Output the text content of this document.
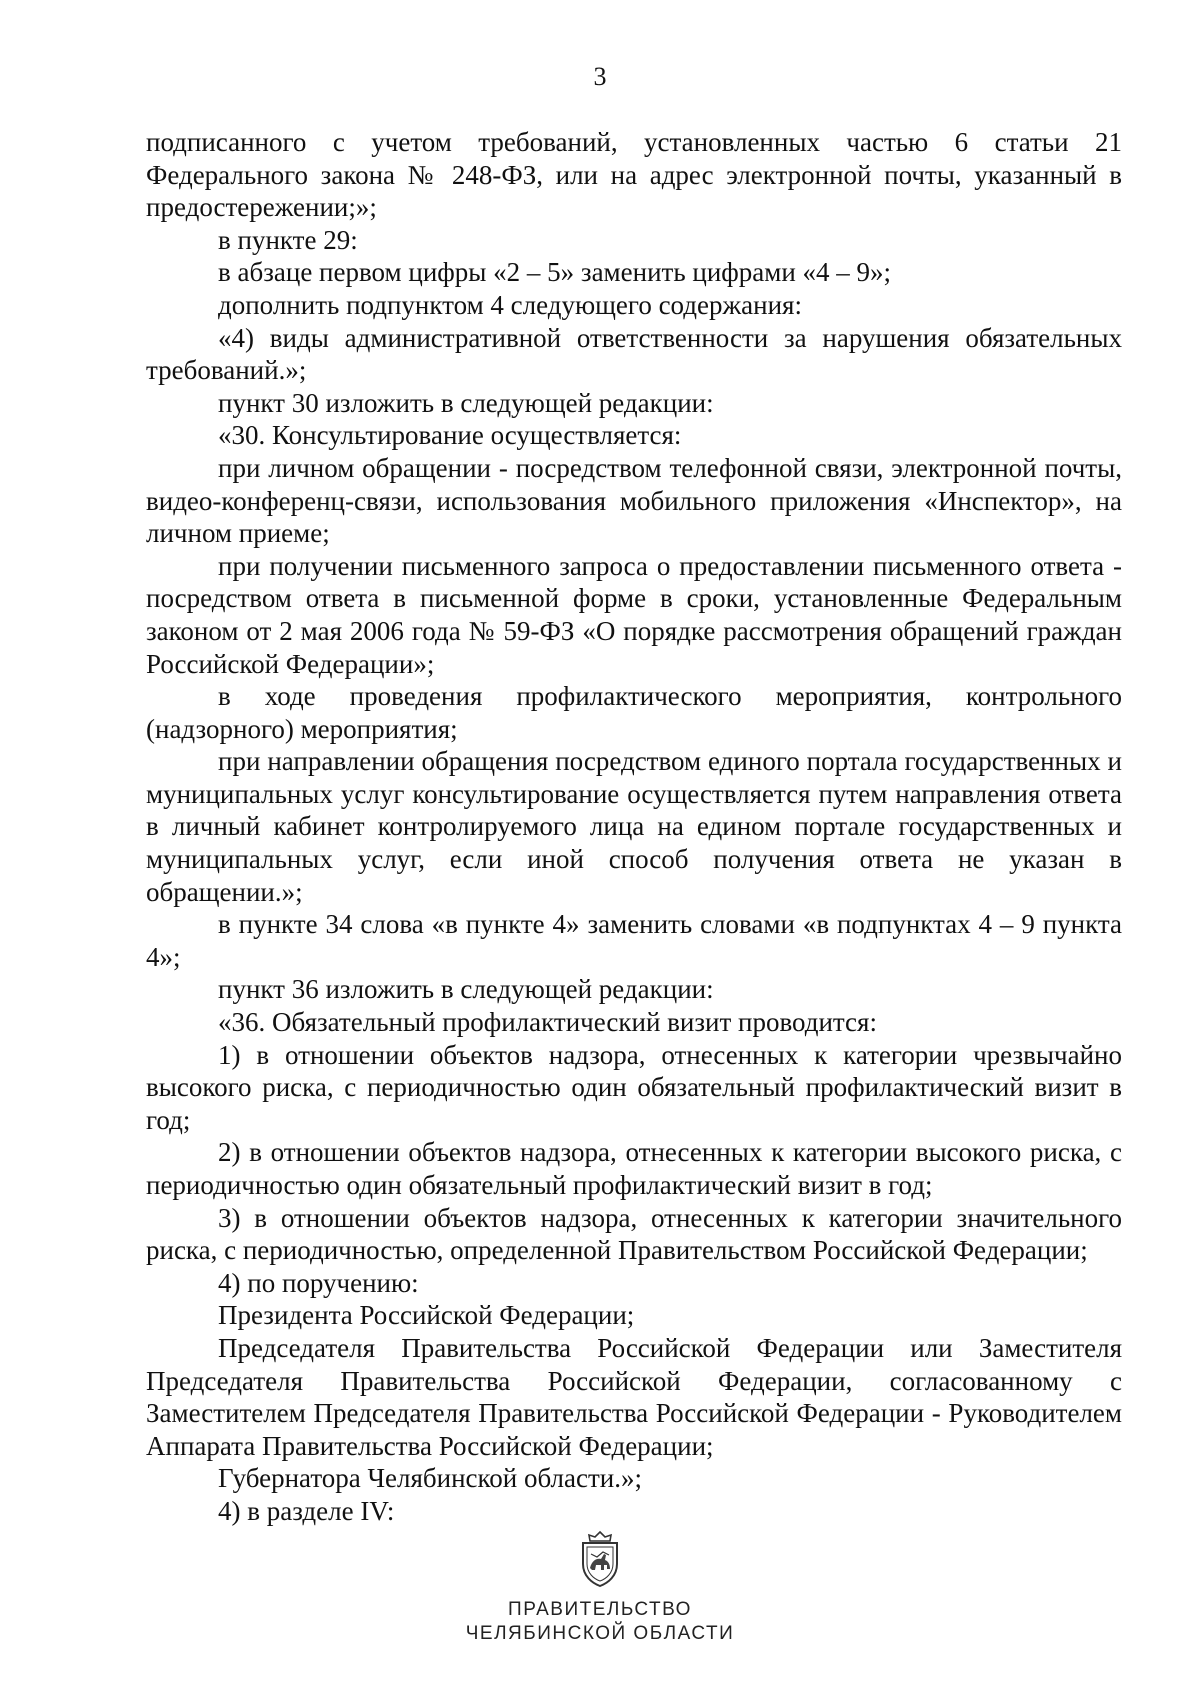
3

подписанного с учетом требований, установленных частью 6 статьи 21 Федерального закона № 248-ФЗ, или на адрес электронной почты, указанный в предостережении;»;

в пункте 29:

в абзаце первом цифры «2 – 5» заменить цифрами «4 – 9»;

дополнить подпунктом 4 следующего содержания:

«4) виды административной ответственности за нарушения обязательных требований.»;

пункт 30 изложить в следующей редакции:

«30. Консультирование осуществляется:

при личном обращении - посредством телефонной связи, электронной почты, видео-конференц-связи, использования мобильного приложения «Инспектор», на личном приеме;

при получении письменного запроса о предоставлении письменного ответа - посредством ответа в письменной форме в сроки, установленные Федеральным законом от 2 мая 2006 года № 59-ФЗ «О порядке рассмотрения обращений граждан Российской Федерации»;

в ходе проведения профилактического мероприятия, контрольного (надзорного) мероприятия;

при направлении обращения посредством единого портала государственных и муниципальных услуг консультирование осуществляется путем направления ответа в личный кабинет контролируемого лица на едином портале государственных и муниципальных услуг, если иной способ получения ответа не указан в обращении.»;

в пункте 34 слова «в пункте 4» заменить словами «в подпунктах 4 – 9 пункта 4»;

пункт 36 изложить в следующей редакции:

«36. Обязательный профилактический визит проводится:

1) в отношении объектов надзора, отнесенных к категории чрезвычайно высокого риска, с периодичностью один обязательный профилактический визит в год;

2) в отношении объектов надзора, отнесенных к категории высокого риска, с периодичностью один обязательный профилактический визит в год;

3) в отношении объектов надзора, отнесенных к категории значительного риска, с периодичностью, определенной Правительством Российской Федерации;

4) по поручению:

Президента Российской Федерации;

Председателя Правительства Российской Федерации или Заместителя Председателя Правительства Российской Федерации, согласованному с Заместителем Председателя Правительства Российской Федерации - Руководителем Аппарата Правительства Российской Федерации;

Губернатора Челябинской области.»;

4) в разделе IV:

ПРАВИТЕЛЬСТВО
ЧЕЛЯБИНСКОЙ ОБЛАСТИ
